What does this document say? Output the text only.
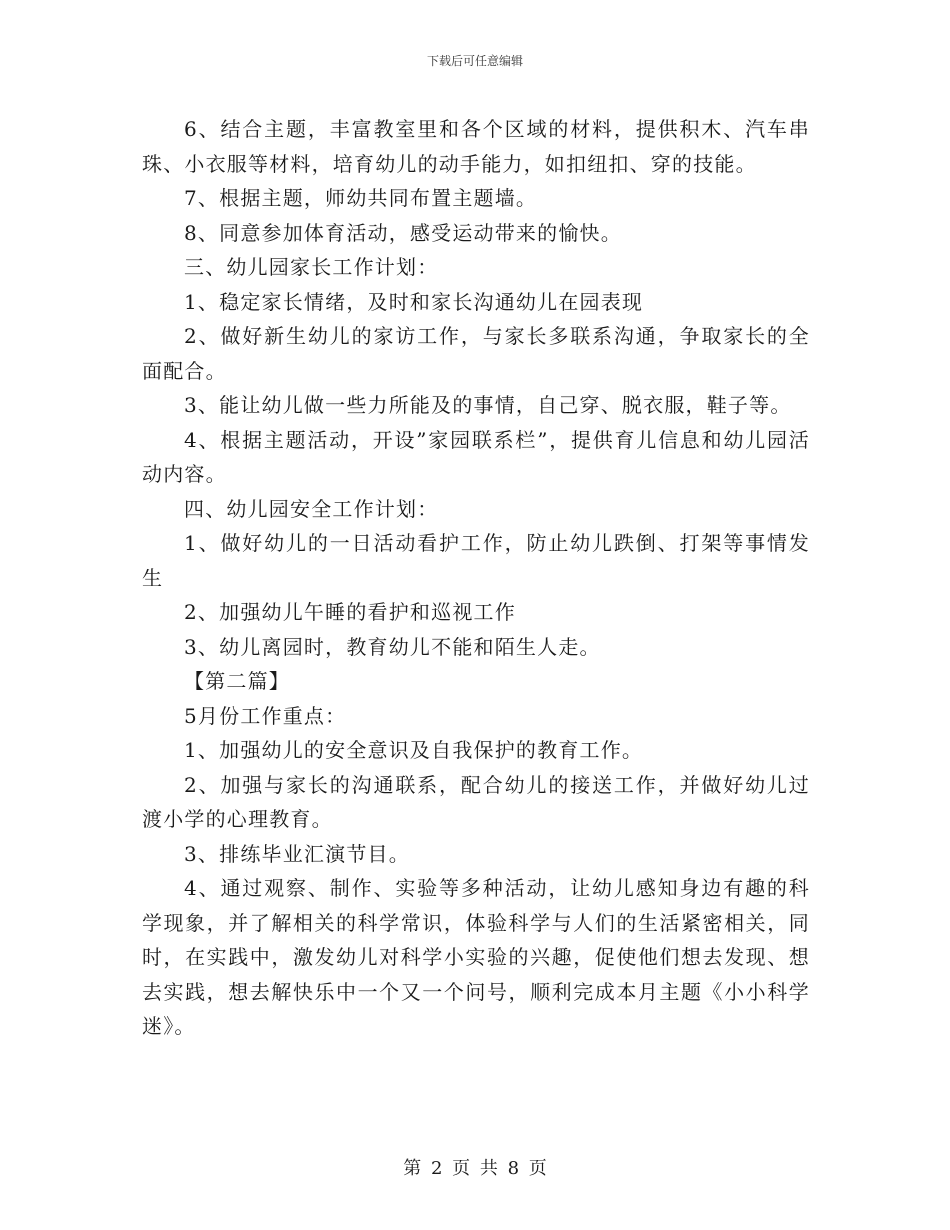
下载后可任意编辑

6、结合主题，丰富教室里和各个区域的材料，提供积木、汽车串珠、小衣服等材料，培育幼儿的动手能力，如扣纽扣、穿的技能。

7、根据主题，师幼共同布置主题墙。

8、同意参加体育活动，感受运动带来的愉快。

三、幼儿园家长工作计划：

1、稳定家长情绪，及时和家长沟通幼儿在园表现

2、做好新生幼儿的家访工作，与家长多联系沟通，争取家长的全面配合。

3、能让幼儿做一些力所能及的事情，自己穿、脱衣服，鞋子等。

4、根据主题活动，开设”家园联系栏”，提供育儿信息和幼儿园活动内容。

四、幼儿园安全工作计划：

1、做好幼儿的一日活动看护工作，防止幼儿跌倒、打架等事情发生

2、加强幼儿午睡的看护和巡视工作

3、幼儿离园时，教育幼儿不能和陌生人走。

【第二篇】

5月份工作重点：

1、加强幼儿的安全意识及自我保护的教育工作。

2、加强与家长的沟通联系，配合幼儿的接送工作，并做好幼儿过渡小学的心理教育。

3、排练毕业汇演节目。

4、通过观察、制作、实验等多种活动，让幼儿感知身边有趣的科学现象，并了解相关的科学常识，体验科学与人们的生活紧密相关，同时，在实践中，激发幼儿对科学小实验的兴趣，促使他们想去发现、想去实践，想去解快乐中一个又一个问号，顺利完成本月主题《小小科学迷》。

第 2 页 共 8 页
